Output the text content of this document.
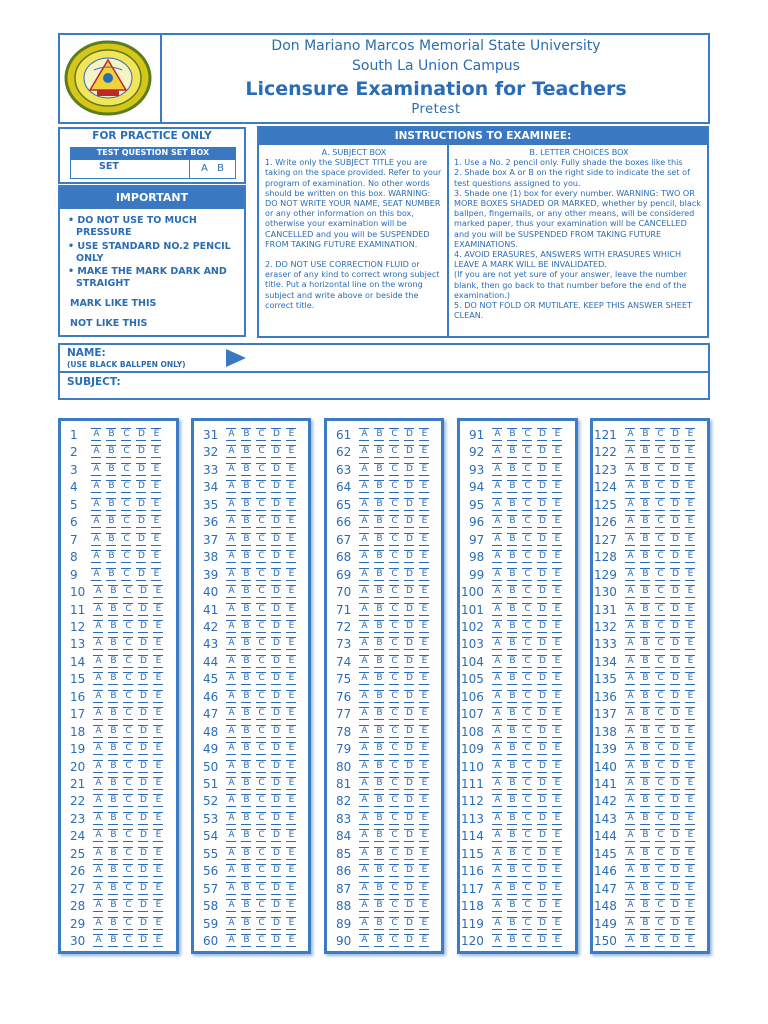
Don Mariano Marcos Memorial State University
South La Union Campus
Licensure Examination for Teachers
Pretest
FOR PRACTICE ONLY
TEST QUESTION SET BOX
SET	A B
IMPORTANT
• DO NOT USE TO MUCH PRESSURE
• USE STANDARD NO.2 PENCIL ONLY
• MAKE THE MARK DARK AND STRAIGHT
MARK LIKE THIS
NOT LIKE THIS
INSTRUCTIONS TO EXAMINEE:
A. SUBJECT BOX
1. Write only the SUBJECT TITLE you are taking on the space provided. Refer to your program of examination. No other words should be written on this box. WARNING: DO NOT WRITE YOUR NAME, SEAT NUMBER or any other information on this box, otherwise your examination will be CANCELLED and you will be SUSPENDED FROM TAKING FUTURE EXAMINATION.
2. DO NOT USE CORRECTION FLUID or eraser of any kind to correct wrong subject title. Put a horizontal line on the wrong subject and write above or beside the correct title.
B. LETTER CHOICES BOX
1. Use a No. 2 pencil only. Fully shade the boxes like this
2. Shade box A or B on the right side to indicate the set of test questions assigned to you.
3. Shade one (1) box for every number. WARNING: TWO OR MORE BOXES SHADED OR MARKED, whether by pencil, black ballpen, fingernails, or any other means, will be considered marked paper, thus your examination will be CANCELLED and you will be SUSPENDED FROM TAKING FUTURE EXAMINATIONS.
4. AVOID ERASURES, ANSWERS WITH ERASURES WHICH LEAVE A MARK WILL BE INVALIDATED.
(If you are not yet sure of your answer, leave the number blank, then go back to that number before the end of the examination.)
5. DO NOT FOLD OR MUTILATE. KEEP THIS ANSWER SHEET CLEAN.
NAME:
(USE BLACK BALLPEN ONLY)
SUBJECT:
1 A B C D E
2 A B C D E
3 A B C D E
4 A B C D E
5 A B C D E
6 A B C D E
7 A B C D E
8 A B C D E
9 A B C D E
10 A B C D E
11 A B C D E
12 A B C D E
13 A B C D E
14 A B C D E
15 A B C D E
16 A B C D E
17 A B C D E
18 A B C D E
19 A B C D E
20 A B C D E
21 A B C D E
22 A B C D E
23 A B C D E
24 A B C D E
25 A B C D E
26 A B C D E
27 A B C D E
28 A B C D E
29 A B C D E
30 A B C D E
31 A B C D E
32 A B C D E
33 A B C D E
34 A B C D E
35 A B C D E
36 A B C D E
37 A B C D E
38 A B C D E
39 A B C D E
40 A B C D E
41 A B C D E
42 A B C D E
43 A B C D E
44 A B C D E
45 A B C D E
46 A B C D E
47 A B C D E
48 A B C D E
49 A B C D E
50 A B C D E
51 A B C D E
52 A B C D E
53 A B C D E
54 A B C D E
55 A B C D E
56 A B C D E
57 A B C D E
58 A B C D E
59 A B C D E
60 A B C D E
61 A B C D E
62 A B C D E
63 A B C D E
64 A B C D E
65 A B C D E
66 A B C D E
67 A B C D E
68 A B C D E
69 A B C D E
70 A B C D E
71 A B C D E
72 A B C D E
73 A B C D E
74 A B C D E
75 A B C D E
76 A B C D E
77 A B C D E
78 A B C D E
79 A B C D E
80 A B C D E
81 A B C D E
82 A B C D E
83 A B C D E
84 A B C D E
85 A B C D E
86 A B C D E
87 A B C D E
88 A B C D E
89 A B C D E
90 A B C D E
91 A B C D E
92 A B C D E
93 A B C D E
94 A B C D E
95 A B C D E
96 A B C D E
97 A B C D E
98 A B C D E
99 A B C D E
100 A B C D E
101 A B C D E
102 A B C D E
103 A B C D E
104 A B C D E
105 A B C D E
106 A B C D E
107 A B C D E
108 A B C D E
109 A B C D E
110 A B C D E
111 A B C D E
112 A B C D E
113 A B C D E
114 A B C D E
115 A B C D E
116 A B C D E
117 A B C D E
118 A B C D E
119 A B C D E
120 A B C D E
121 A B C D E
122 A B C D E
123 A B C D E
124 A B C D E
125 A B C D E
126 A B C D E
127 A B C D E
128 A B C D E
129 A B C D E
130 A B C D E
131 A B C D E
132 A B C D E
133 A B C D E
134 A B C D E
135 A B C D E
136 A B C D E
137 A B C D E
138 A B C D E
139 A B C D E
140 A B C D E
141 A B C D E
142 A B C D E
143 A B C D E
144 A B C D E
145 A B C D E
146 A B C D E
147 A B C D E
148 A B C D E
149 A B C D E
150 A B C D E
